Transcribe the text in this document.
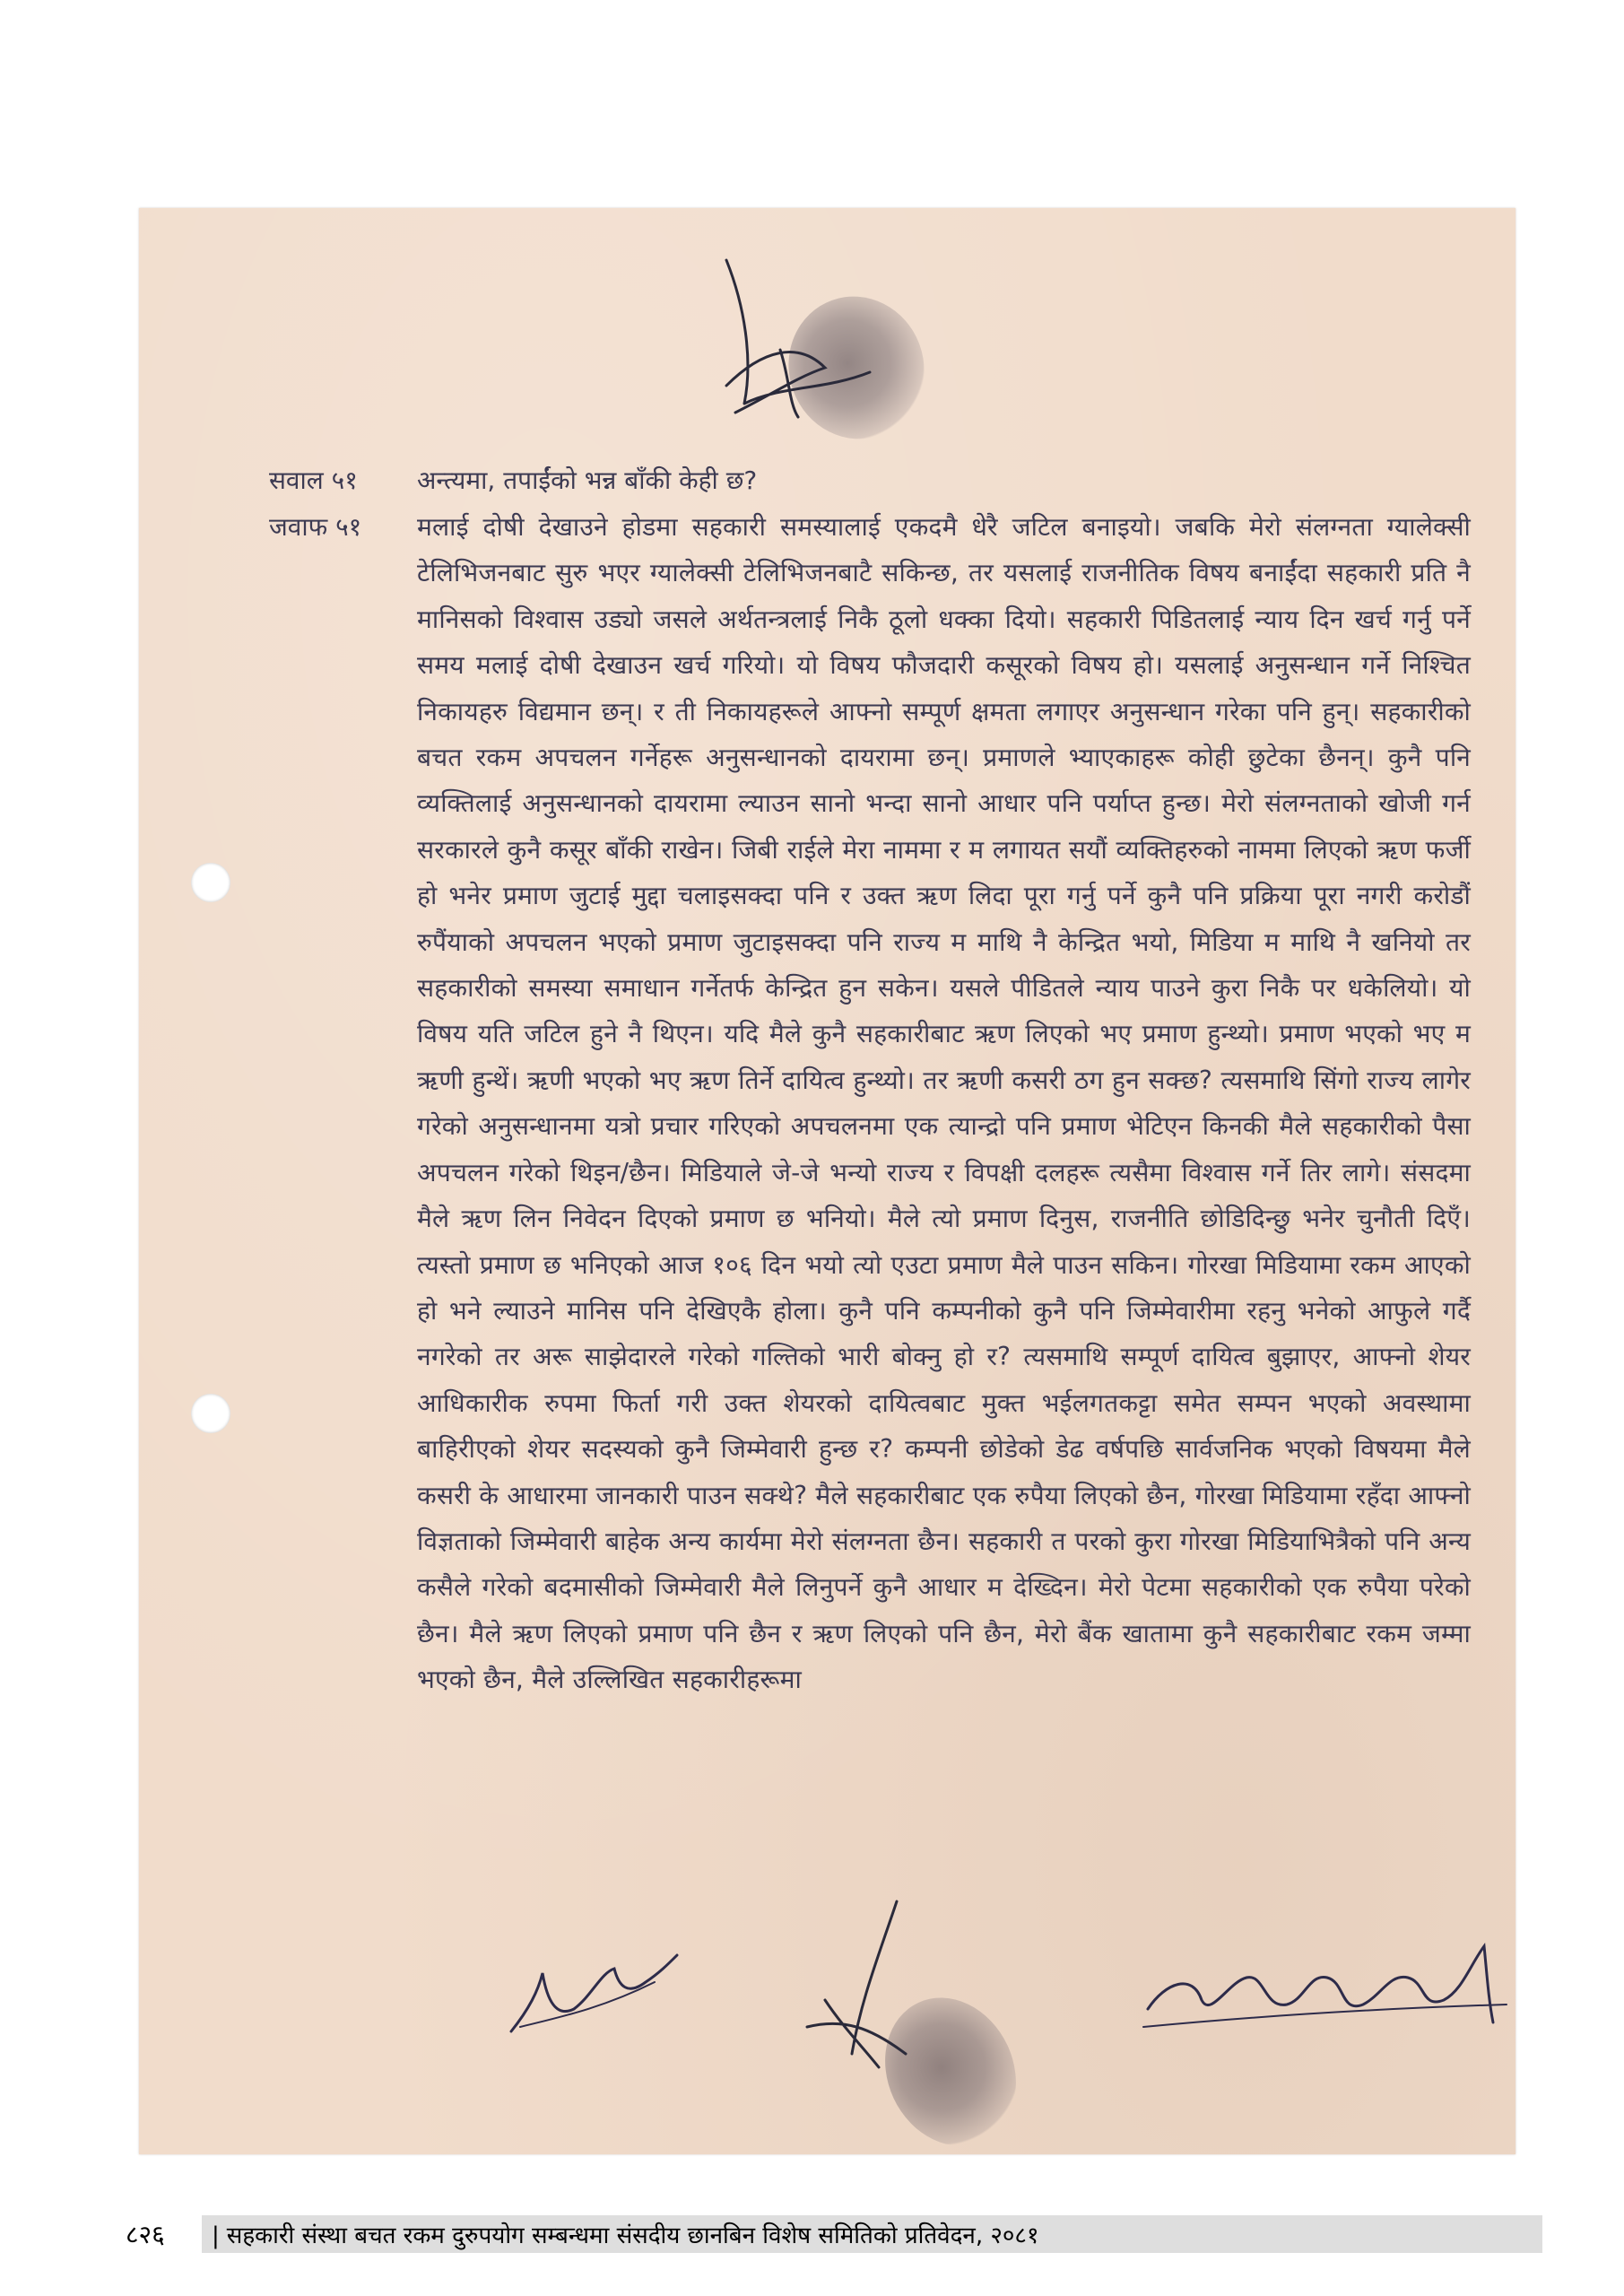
सवाल ५१	अन्त्यमा, तपाईंको भन्न बाँकी केही छ?
जवाफ ५१	मलाई दोषी देखाउने होडमा सहकारी समस्यालाई एकदमै धेरै जटिल बनाइयो। जबकि मेरो संलग्नता ग्यालेक्सी टेलिभिजनबाट सुरु भएर ग्यालेक्सी टेलिभिजनबाटै सकिन्छ, तर यसलाई राजनीतिक विषय बनाईंदा सहकारी प्रति नै मानिसको विश्वास उड्यो जसले अर्थतन्त्रलाई निकै ठूलो धक्का दियो। सहकारी पिडितलाई न्याय दिन खर्च गर्नु पर्ने समय मलाई दोषी देखाउन खर्च गरियो। यो विषय फौजदारी कसूरको विषय हो। यसलाई अनुसन्धान गर्ने निश्चित निकायहरु विद्यमान छन्। र ती निकायहरूले आफ्नो सम्पूर्ण क्षमता लगाएर अनुसन्धान गरेका पनि हुन्। सहकारीको बचत रकम अपचलन गर्नेहरू अनुसन्धानको दायरामा छन्। प्रमाणले भ्याएकाहरू कोही छुटेका छैनन्। कुनै पनि व्यक्तिलाई अनुसन्धानको दायरामा ल्याउन सानो भन्दा सानो आधार पनि पर्याप्त हुन्छ। मेरो संलग्नताको खोजी गर्न सरकारले कुनै कसूर बाँकी राखेन। जिबी राईले मेरा नाममा र म लगायत सयौं व्यक्तिहरुको नाममा लिएको ऋण फर्जी हो भनेर प्रमाण जुटाई मुद्दा चलाइसक्दा पनि र उक्त ऋण लिदा पूरा गर्नु पर्ने कुनै पनि प्रक्रिया पूरा नगरी करोडौं रुपैंयाको अपचलन भएको प्रमाण जुटाइसक्दा पनि राज्य म माथि नै केन्द्रित भयो, मिडिया म माथि नै खनियो तर सहकारीको समस्या समाधान गर्नेतर्फ केन्द्रित हुन सकेन। यसले पीडितले न्याय पाउने कुरा निकै पर धकेलियो। यो विषय यति जटिल हुने नै थिएन। यदि मैले कुनै सहकारीबाट ऋण लिएको भए प्रमाण हुन्थ्यो। प्रमाण भएको भए म ऋणी हुन्थें। ऋणी भएको भए ऋण तिर्ने दायित्व हुन्थ्यो। तर ऋणी कसरी ठग हुन सक्छ? त्यसमाथि सिंगो राज्य लागेर गरेको अनुसन्धानमा यत्रो प्रचार गरिएको अपचलनमा एक त्यान्द्रो पनि प्रमाण भेटिएन किनकी मैले सहकारीको पैसा अपचलन गरेको थिइन/छैन। मिडियाले जे-जे भन्यो राज्य र विपक्षी दलहरू त्यसैमा विश्वास गर्ने तिर लागे। संसदमा मैले ऋण लिन निवेदन दिएको प्रमाण छ भनियो। मैले त्यो प्रमाण दिनुस, राजनीति छोडिदिन्छु भनेर चुनौती दिएँ। त्यस्तो प्रमाण छ भनिएको आज १०६ दिन भयो त्यो एउटा प्रमाण मैले पाउन सकिन। गोरखा मिडियामा रकम आएको हो भने ल्याउने मानिस पनि देखिएकै होला। कुनै पनि कम्पनीको कुनै पनि जिम्मेवारीमा रहनु भनेको आफुले गर्दै नगरेको तर अरू साझेदारले गरेको गल्तिको भारी बोक्नु हो र? त्यसमाथि सम्पूर्ण दायित्व बुझाएर, आफ्नो शेयर आधिकारीक रुपमा फिर्ता गरी उक्त शेयरको दायित्वबाट मुक्त भईलगतकट्टा समेत सम्पन भएको अवस्थामा बाहिरीएको शेयर सदस्यको कुनै जिम्मेवारी हुन्छ र? कम्पनी छोडेको डेढ वर्षपछि सार्वजनिक भएको विषयमा मैले कसरी के आधारमा जानकारी पाउन सक्थे? मैले सहकारीबाट एक रुपैया लिएको छैन, गोरखा मिडियामा रहँदा आफ्नो विज्ञताको जिम्मेवारी बाहेक अन्य कार्यमा मेरो संलग्नता छैन। सहकारी त परको कुरा गोरखा मिडियाभित्रैको पनि अन्य कसैले गरेको बदमासीको जिम्मेवारी मैले लिनुपर्ने कुनै आधार म देख्दिन। मेरो पेटमा सहकारीको एक रुपैया परेको छैन। मैले ऋण लिएको प्रमाण पनि छैन र ऋण लिएको पनि छैन, मेरो बैंक खातामा कुनै सहकारीबाट रकम जम्मा भएको छैन, मैले उल्लिखित सहकारीहरूमा
८२६ | सहकारी संस्था बचत रकम दुरुपयोग सम्बन्धमा संसदीय छानबिन विशेष समितिको प्रतिवेदन, २०८१
